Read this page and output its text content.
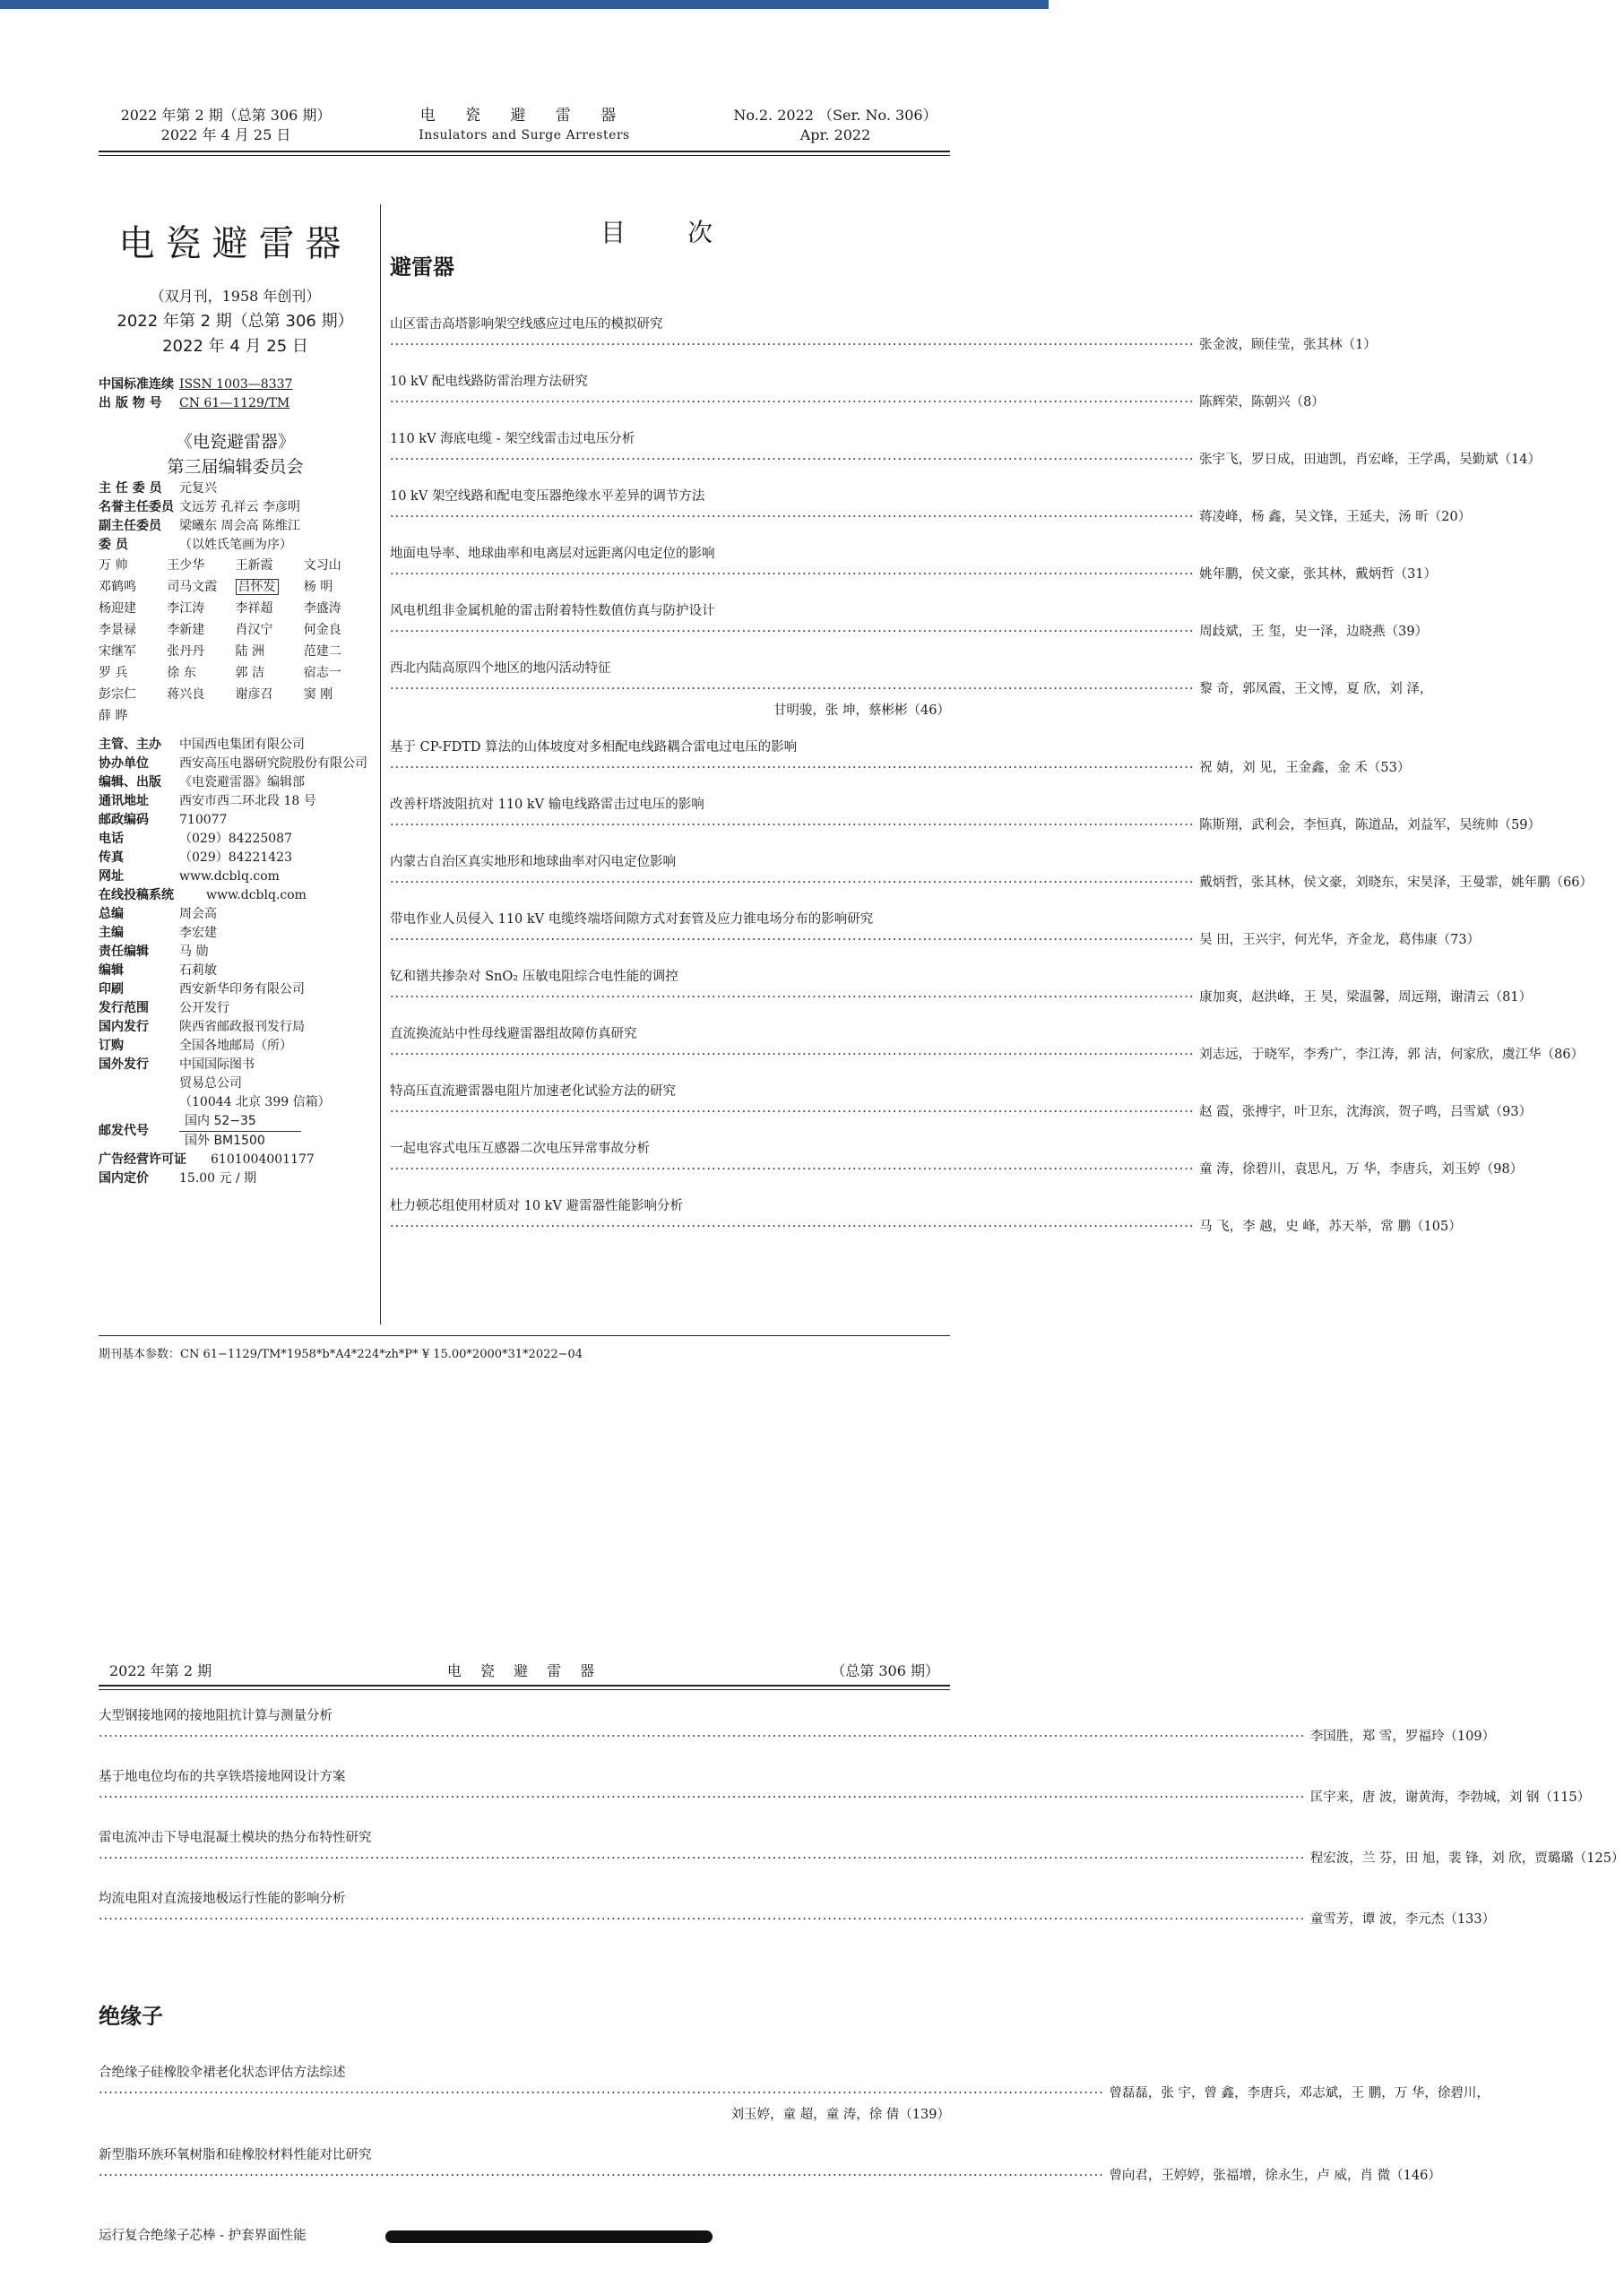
2022 年第 2 期（总第 306 期）
2022 年 4 月 25 日
电 瓷 避 雷 器
Insulators and Surge Arresters
No.2. 2022 （Ser. No. 306）
Apr. 2022
电瓷避雷器
（双月刊，1958 年创刊）
2022 年第 2 期（总第 306 期）
2022 年 4 月 25 日
中国标准连续 ISSN 1003—8337
出 版 物 号	CN 61—1129/TM
《电瓷避雷器》
第三届编辑委员会
主 任 委 员	元复兴
名誉主任委员 文远芳 孔祥云 李彦明
副主任委员	梁曦东 周会高 陈维江
委 员	（以姓氏笔画为序）
万 帅	王少华	王新霞	文习山
邓鹤鸣	司马文霞	吕怀发	杨 明
杨迎建	李江涛	李祥超	李盛涛
李景禄	李新建	肖汉宁	何金良
宋继军	张丹丹	陆 洲	范建二
罗 兵	徐 东	郭 洁	宿志一
彭宗仁	蒋兴良	谢彦召	窦 刚
薛 晔
主管、主办	中国西电集团有限公司
协办单位	西安高压电器研究院股份有限公司
编辑、出版	《电瓷避雷器》编辑部
通讯地址	西安市西二环北段 18 号
邮政编码	710077
电话	（029）84225087
传真	（029）84221423
网址	www.dcblq.com
在线投稿系统	www.dcblq.com
总编	周会高
主编	李宏建
责任编辑	马 勋
编辑	石莉敏
印刷	西安新华印务有限公司
发行范围	公开发行
国内发行	陕西省邮政报刊发行局
订购	全国各地邮局（所）
国外发行	中国国际图书
贸易总公司
（10044 北京 399 信箱）
邮发代号
国内 52−35
国外 BM1500
广告经营许可证	6101004001177
国内定价	15.00 元 / 期
目 次
避雷器
山区雷击高塔影响架空线感应过电压的模拟研究
································································································································································ 张金波，顾佳莹，张其林（1）
10 kV 配电线路防雷治理方法研究
································································································································································ 陈辉荣，陈朝兴（8）
110 kV 海底电缆 - 架空线雷击过电压分析
································································································································································ 张宇飞，罗日成，田迪凯，肖宏峰，王学禹，吴勤斌（14）
10 kV 架空线路和配电变压器绝缘水平差异的调节方法
································································································································································ 蒋凌峰，杨 鑫，吴文锋，王延夫，汤 昕（20）
地面电导率、地球曲率和电离层对远距离闪电定位的影响
································································································································································ 姚年鹏，侯文豪，张其林，戴炳哲（31）
风电机组非金属机舱的雷击附着特性数值仿真与防护设计
································································································································································ 周歧斌，王 玺，史一泽，边晓燕（39）
西北内陆高原四个地区的地闪活动特征
································································································································································ 黎 奇，郭凤霞，王文博，夏 欣，刘 泽，
甘明骏，张 坤，蔡彬彬（46）
基于 CP-FDTD 算法的山体坡度对多相配电线路耦合雷电过电压的影响
································································································································································ 祝 婧，刘 见，王金鑫，金 禾（53）
改善杆塔波阻抗对 110 kV 输电线路雷击过电压的影响
································································································································································ 陈斯翔，武利会，李恒真，陈道品，刘益军，吴统帅（59）
内蒙古自治区真实地形和地球曲率对闪电定位影响
································································································································································ 戴炳哲，张其林，侯文豪，刘晓东，宋昊泽，王曼霏，姚年鹏（66）
带电作业人员侵入 110 kV 电缆终端塔间隙方式对套管及应力锥电场分布的影响研究
································································································································································ 吴 田，王兴宇，何光华，齐金龙，葛伟康（73）
钇和镨共掺杂对 SnO₂ 压敏电阻综合电性能的调控
································································································································································ 康加爽，赵洪峰，王 昊，梁温馨，周远翔，谢清云（81）
直流换流站中性母线避雷器组故障仿真研究
································································································································································ 刘志远，于晓军，李秀广，李江涛，郭 洁，何家欣，虞江华（86）
特高压直流避雷器电阻片加速老化试验方法的研究
································································································································································ 赵 霞，张搏宇，叶卫东，沈海滨，贺子鸣，吕雪斌（93）
一起电容式电压互感器二次电压异常事故分析
································································································································································ 童 涛，徐碧川，袁思凡，万 华，李唐兵，刘玉婷（98）
杜力顿芯组使用材质对 10 kV 避雷器性能影响分析
································································································································································ 马 飞，李 越，史 峰，苏天举，常 鹏（105）
期刊基本参数：CN 61−1129/TM*1958*b*A4*224*zh*P* ¥ 15.00*2000*31*2022−04
2022 年第 2 期	电 瓷 避 雷 器	（总第 306 期）
大型钢接地网的接地阻抗计算与测量分析
················································································································································································································································ 李国胜，郑 雪，罗福玲（109）
基于地电位均布的共享铁塔接地网设计方案
················································································································································································································································ 匡宇来，唐 波，谢黄海，李勃城，刘 钢（115）
雷电流冲击下导电混凝土模块的热分布特性研究
················································································································································································································································ 程宏波，兰 芬，田 旭，裴 锋，刘 欣，贾璐璐（125）
均流电阻对直流接地极运行性能的影响分析
················································································································································································································································ 童雪芳，谭 波，李元杰（133）
绝缘子
合绝缘子硅橡胶伞裙老化状态评估方法综述
········································································································································································································ 曾磊磊，张 宇，曾 鑫，李唐兵，邓志斌，王 鹏，万 华，徐碧川，
刘玉婷，童 超，童 涛，徐 倩（139）
新型脂环族环氧树脂和硅橡胶材料性能对比研究
········································································································································································································ 曾向君，王婷婷，张福增，徐永生，卢 威，肖 微（146）
运行复合绝缘子芯棒 - 护套界面性能
